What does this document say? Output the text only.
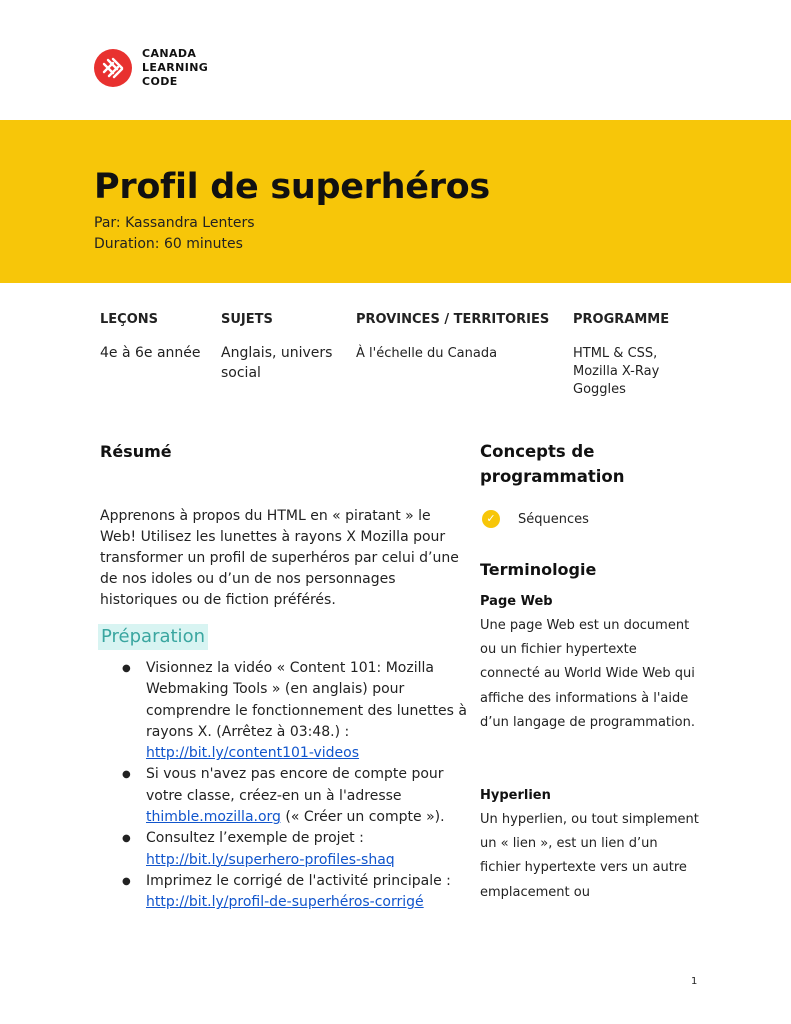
CANADA
LEARNING
CODE
Profil de superhéros
Par: Kassandra Lenters
Duration: 60 minutes
LEÇONS
4e à 6e année
SUJETS
Anglais, univers social
PROVINCES / TERRITORIES
À l'échelle du Canada
PROGRAMME
HTML & CSS, Mozilla X-Ray Goggles
Résumé
Apprenons à propos du HTML en « piratant » le Web! Utilisez les lunettes à rayons X Mozilla pour transformer un profil de superhéros par celui d’une de nos idoles ou d’un de nos personnages historiques ou de fiction préférés.
Préparation
● Visionnez la vidéo « Content 101: Mozilla Webmaking Tools » (en anglais) pour comprendre le fonctionnement des lunettes à rayons X. (Arrêtez à 03:48.) :
http://bit.ly/content101-videos
● Si vous n'avez pas encore de compte pour votre classe, créez-en un à l'adresse thimble.mozilla.org (« Créer un compte »).
● Consultez l’exemple de projet :
http://bit.ly/superhero-profiles-shaq
● Imprimez le corrigé de l'activité principale :
http://bit.ly/profil-de-superhéros-corrigé
Concepts de programmation
✓	Séquences
Terminologie
Page Web
Une page Web est un document ou un fichier hypertexte connecté au World Wide Web qui affiche des informations à l'aide d’un langage de programmation.
Hyperlien
Un hyperlien, ou tout simplement un « lien », est un lien d’un fichier hypertexte vers un autre emplacement ou
1
